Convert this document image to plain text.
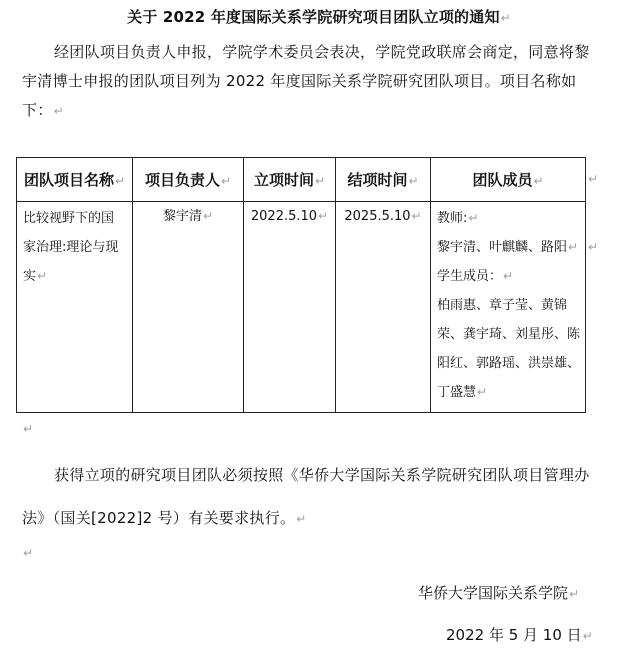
关于 2022 年度国际关系学院研究项目团队立项的通知↵
经团队项目负责人申报，学院学术委员会表决，学院党政联席会商定，同意将黎宇清博士申报的团队项目列为 2022 年度国际关系学院研究团队项目。项目名称如下：↵
团队项目名称↵	项目负责人↵	立项时间↵	结项时间↵	团队成员↵
比较视野下的国家治理:理论与现实↵	黎宇清↵	2022.5.10↵	2025.5.10↵	教师:↵
黎宇清、叶麒麟、路阳↵
学生成员：↵
柏雨惠、章子莹、黄锦荣、龚宇琦、刘星彤、陈阳红、郭路瑶、洪崇雄、丁盛慧↵
↵
↵
↵
获得立项的研究项目团队必须按照《华侨大学国际关系学院研究团队项目管理办法》（国关[2022]2 号）有关要求执行。↵
↵
华侨大学国际关系学院↵
2022 年 5 月 10 日↵
